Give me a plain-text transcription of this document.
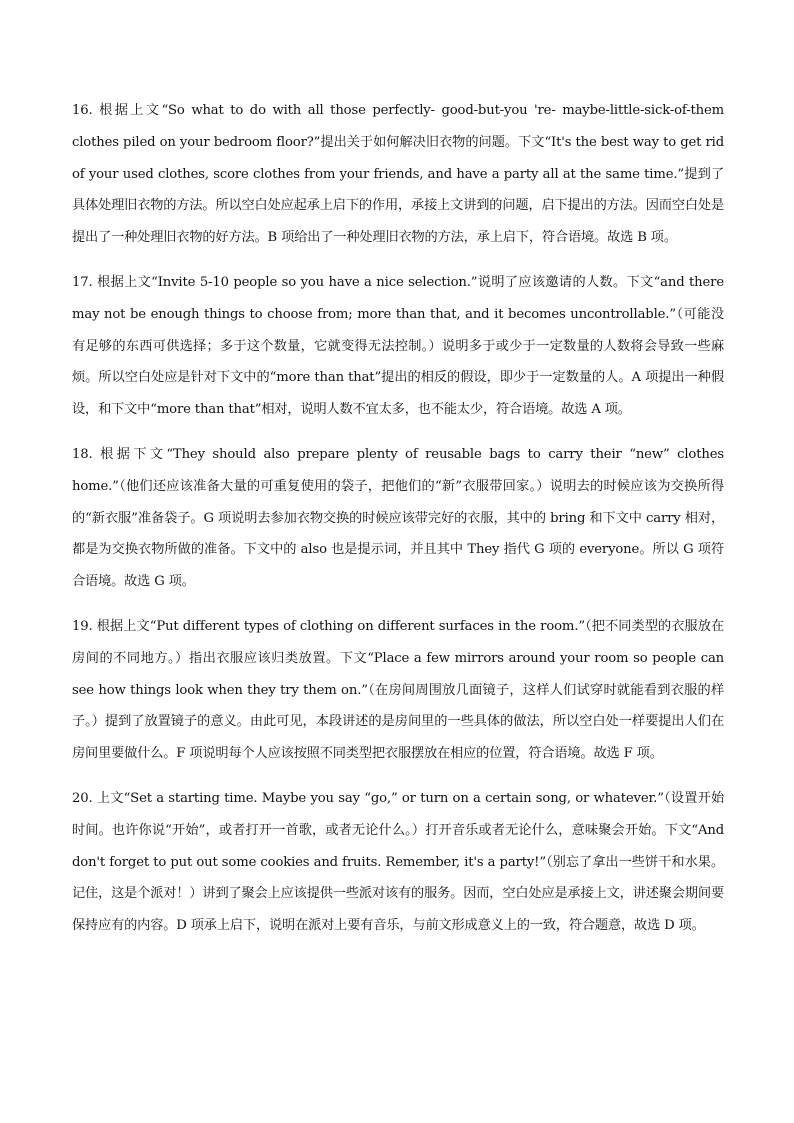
16. 根据上文“So what to do with all those perfectly- good-but-you 're- maybe-little-sick-of-them clothes piled on your bedroom floor?”提出关于如何解决旧衣物的问题。下文“It's the best way to get rid of your used clothes, score clothes from your friends, and have a party all at the same time.”提到了具体处理旧衣物的方法。所以空白处应起承上启下的作用，承接上文讲到的问题，启下提出的方法。因而空白处是提出了一种处理旧衣物的好方法。B 项给出了一种处理旧衣物的方法，承上启下，符合语境。故选 B 项。

17. 根据上文“Invite 5-10 people so you have a nice selection.”说明了应该邀请的人数。下文“and there may not be enough things to choose from; more than that, and it becomes uncontrollable.”（可能没有足够的东西可供选择；多于这个数量，它就变得无法控制。）说明多于或少于一定数量的人数将会导致一些麻烦。所以空白处应是针对下文中的“more than that”提出的相反的假设，即少于一定数量的人。A 项提出一种假设，和下文中“more than that”相对，说明人数不宜太多，也不能太少，符合语境。故选 A 项。

18. 根据下文“They should also prepare plenty of reusable bags to carry their “new” clothes home.”（他们还应该准备大量的可重复使用的袋子，把他们的“新”衣服带回家。）说明去的时候应该为交换所得的“新衣服”准备袋子。G 项说明去参加衣物交换的时候应该带完好的衣服，其中的 bring 和下文中 carry 相对，都是为交换衣物所做的准备。下文中的 also 也是提示词，并且其中 They 指代 G 项的 everyone。所以 G 项符合语境。故选 G 项。

19. 根据上文“Put different types of clothing on different surfaces in the room.”（把不同类型的衣服放在房间的不同地方。）指出衣服应该归类放置。下文“Place a few mirrors around your room so people can see how things look when they try them on.”（在房间周围放几面镜子，这样人们试穿时就能看到衣服的样子。）提到了放置镜子的意义。由此可见，本段讲述的是房间里的一些具体的做法，所以空白处一样要提出人们在房间里要做什么。F 项说明每个人应该按照不同类型把衣服摆放在相应的位置，符合语境。故选 F 项。

20. 上文“Set a starting time. Maybe you say “go,” or turn on a certain song, or whatever.”（设置开始时间。也许你说“开始”，或者打开一首歌，或者无论什么。）打开音乐或者无论什么，意味聚会开始。下文“And don't forget to put out some cookies and fruits. Remember, it's a party!”（别忘了拿出一些饼干和水果。记住，这是个派对！）讲到了聚会上应该提供一些派对该有的服务。因而，空白处应是承接上文，讲述聚会期间要保持应有的内容。D 项承上启下，说明在派对上要有音乐，与前文形成意义上的一致，符合题意，故选 D 项。
